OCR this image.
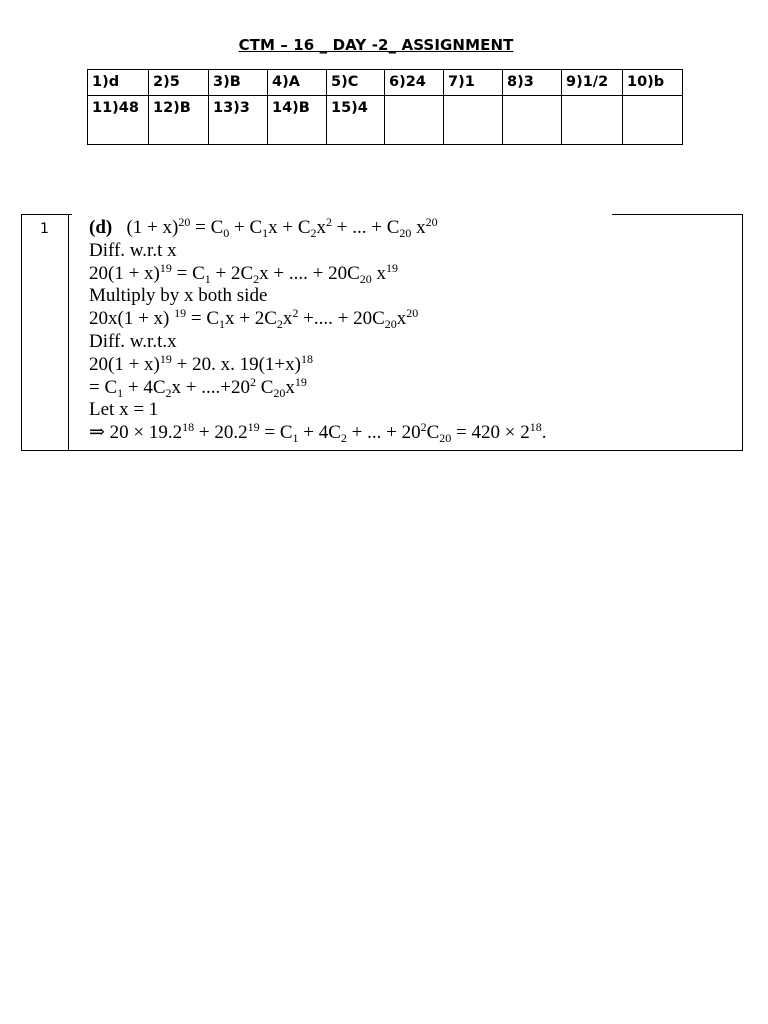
CTM – 16 _ DAY -2_ ASSIGNMENT
1)d	2)5	3)B	4)A	5)C	6)24	7)1	8)3	9)1/2	10)b
11)48	12)B	13)3	14)B	15)4					
1 (d)   $(1 + x)^{20} = C_0 + C_1x + C_2x^2$ + ... + $C_{20}$ $x^{20}$
Diff. w.r.t x
$20(1 + x)^{19} = C_1 + 2C_2x$ + .... + $20C_{20}$ $x^{19}$
Multiply by x both side
20x(1 + x) $^{19} = C_1x + 2C_2x^2$ +.... + $20C_{20}x^{20}$
Diff. w.r.t.x
$20(1 + x)^{19} + 20$. x. $19(1+x)^{18}$
= $C_1 + 4C_2x + ....+20^2$ $C_{20}x^{19}$
Let x = 1
⇒ $20 \times 19.2^{18} + 20.2^{19} = C_1 + 4C_2$ + ... + $20^2C_{20} = 420 \times 2^{18}$.
